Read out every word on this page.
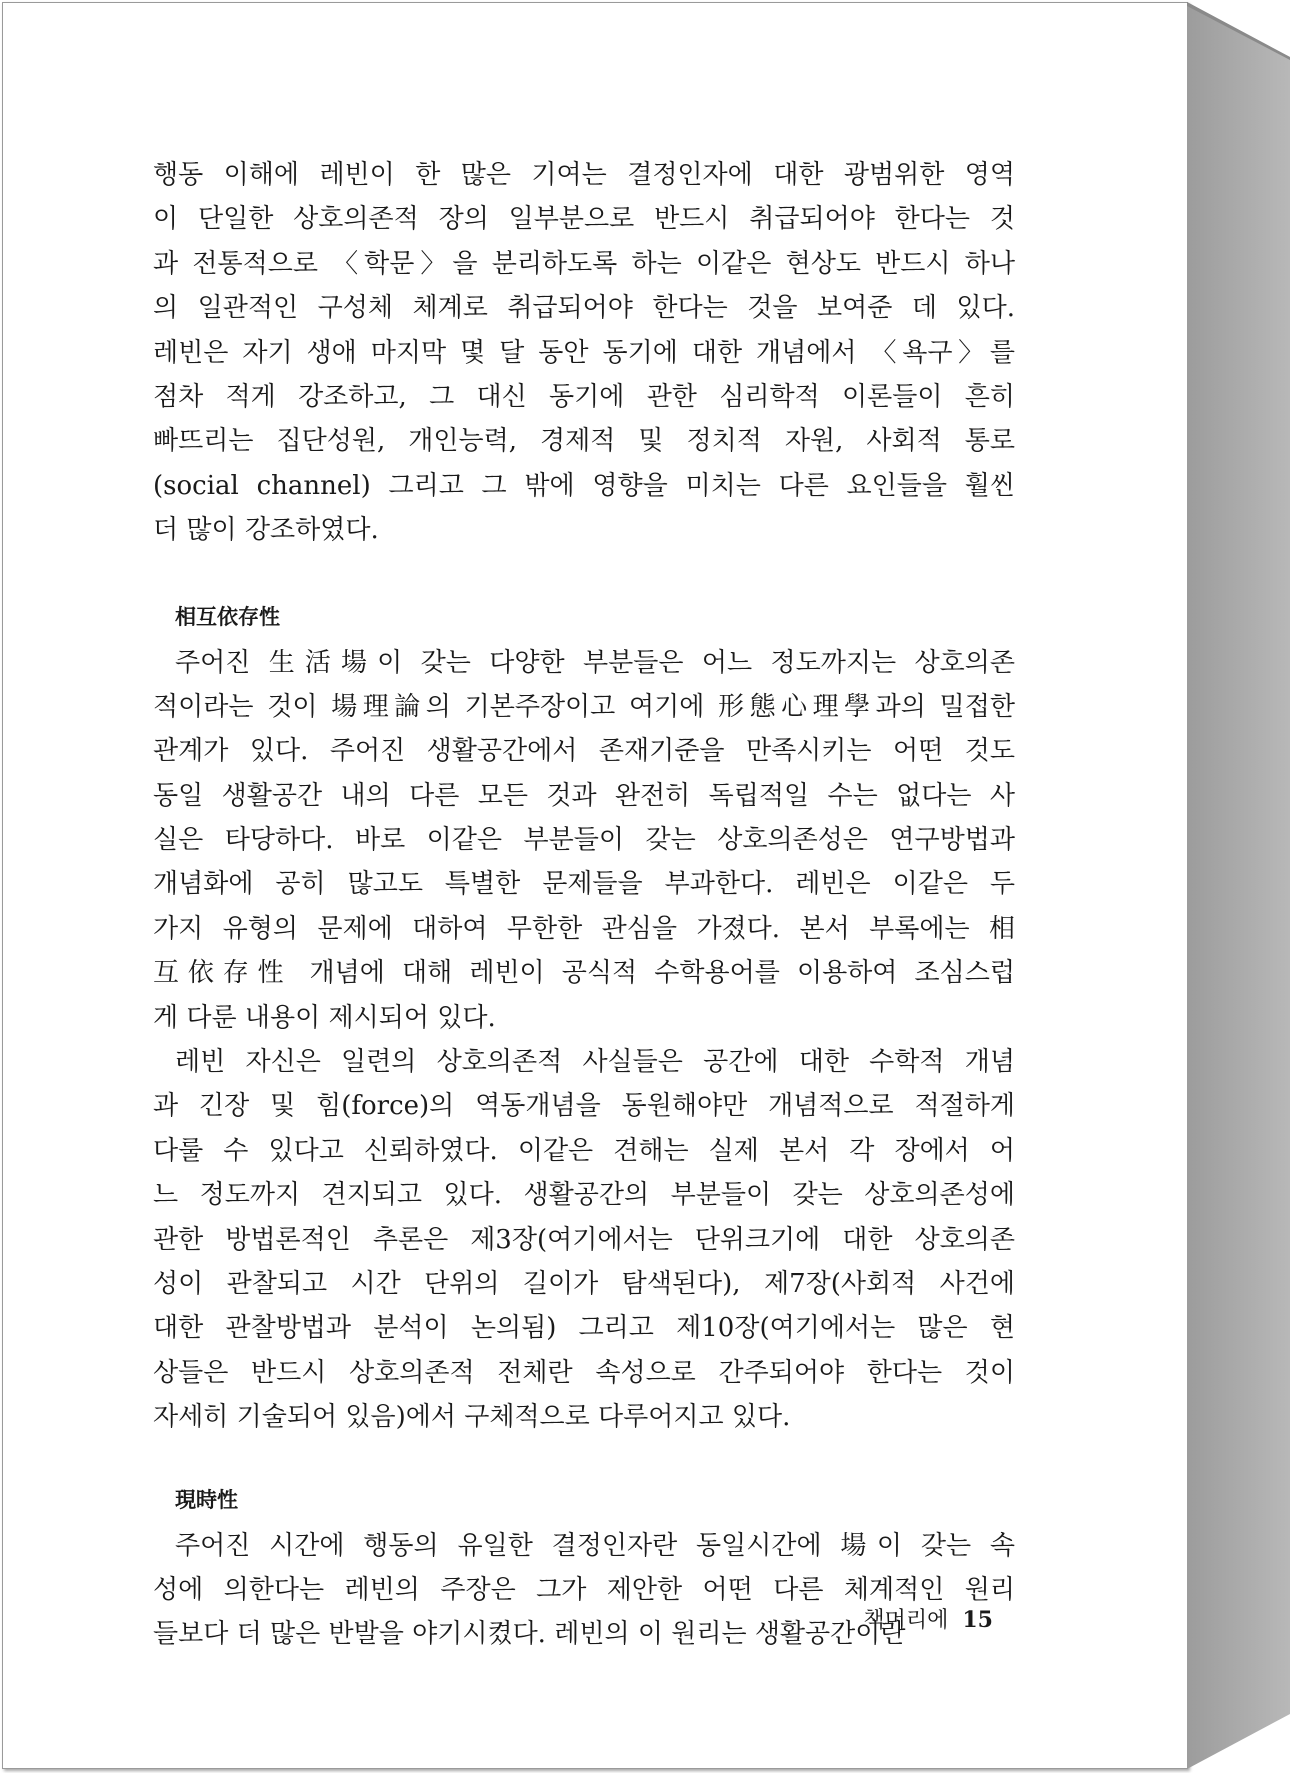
행동 이해에 레빈이 한 많은 기여는 결정인자에 대한 광범위한 영역
이 단일한 상호의존적 장의 일부분으로 반드시 취급되어야 한다는 것
과 전통적으로 〈학문〉을 분리하도록 하는 이같은 현상도 반드시 하나
의 일관적인 구성체 체계로 취급되어야 한다는 것을 보여준 데 있다.
레빈은 자기 생애 마지막 몇 달 동안 동기에 대한 개념에서 〈욕구〉를
점차 적게 강조하고, 그 대신 동기에 관한 심리학적 이론들이 흔히
빠뜨리는 집단성원, 개인능력, 경제적 및 정치적 자원, 사회적 통로
(social channel) 그리고 그 밖에 영향을 미치는 다른 요인들을 훨씬
더 많이 강조하였다.
相互依存性
주어진 生活場이 갖는 다양한 부분들은 어느 정도까지는 상호의존
적이라는 것이 場理論의 기본주장이고 여기에 形態心理學과의 밀접한
관계가 있다. 주어진 생활공간에서 존재기준을 만족시키는 어떤 것도
동일 생활공간 내의 다른 모든 것과 완전히 독립적일 수는 없다는 사
실은 타당하다. 바로 이같은 부분들이 갖는 상호의존성은 연구방법과
개념화에 공히 많고도 특별한 문제들을 부과한다. 레빈은 이같은 두
가지 유형의 문제에 대하여 무한한 관심을 가졌다. 본서 부록에는 相
互依存性 개념에 대해 레빈이 공식적 수학용어를 이용하여 조심스럽
게 다룬 내용이 제시되어 있다.
레빈 자신은 일련의 상호의존적 사실들은 공간에 대한 수학적 개념
과 긴장 및 힘(force)의 역동개념을 동원해야만 개념적으로 적절하게
다룰 수 있다고 신뢰하였다. 이같은 견해는 실제 본서 각 장에서 어
느 정도까지 견지되고 있다. 생활공간의 부분들이 갖는 상호의존성에
관한 방법론적인 추론은 제3장(여기에서는 단위크기에 대한 상호의존
성이 관찰되고 시간 단위의 길이가 탐색된다), 제7장(사회적 사건에
대한 관찰방법과 분석이 논의됨) 그리고 제10장(여기에서는 많은 현
상들은 반드시 상호의존적 전체란 속성으로 간주되어야 한다는 것이
자세히 기술되어 있음)에서 구체적으로 다루어지고 있다.
現時性
주어진 시간에 행동의 유일한 결정인자란 동일시간에 場이 갖는 속
성에 의한다는 레빈의 주장은 그가 제안한 어떤 다른 체계적인 원리
들보다 더 많은 반발을 야기시켰다. 레빈의 이 원리는 생활공간이란
책머리에 15
